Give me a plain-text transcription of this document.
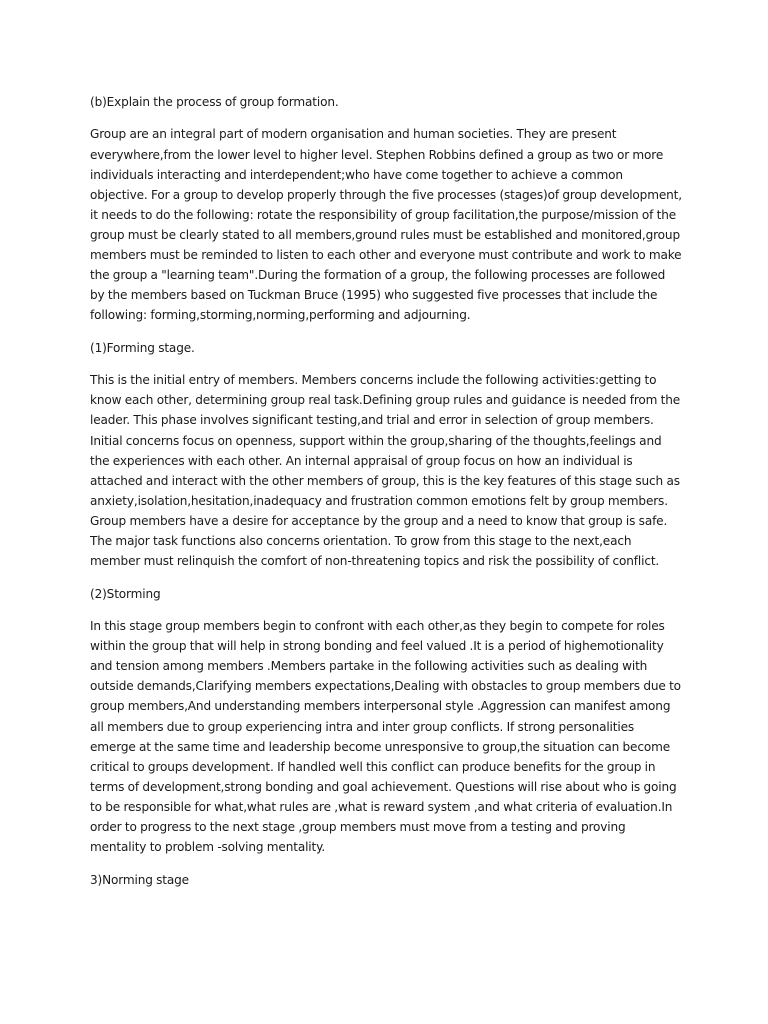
(b)Explain the process of group formation.

Group are an integral part of modern organisation and human societies. They are present everywhere,from the lower level to higher level. Stephen Robbins defined a group as two or more individuals interacting and interdependent;who have come together to achieve a common objective. For a group to develop properly through the five processes (stages)of group development, it needs to do the following: rotate the responsibility of group facilitation,the purpose/mission of the group must be clearly stated to all members,ground rules must be established and monitored,group members must be reminded to listen to each other and everyone must contribute and work to make the group a "learning team".During the formation of a group, the following processes are followed by the members based on Tuckman Bruce (1995) who suggested five processes that include the following: forming,storming,norming,performing and adjourning.

(1)Forming stage.

This is the initial entry of members. Members concerns include the following activities:getting to know each other, determining group real task.Defining group rules and guidance is needed from the leader. This phase involves significant testing,and trial and error in selection of group members. Initial concerns focus on openness, support within the group,sharing of the thoughts,feelings and the experiences with each other. An internal appraisal of group focus on how an individual is attached and interact with the other members of group, this is the key features of this stage such as anxiety,isolation,hesitation,inadequacy and frustration common emotions felt by group members. Group members have a desire for acceptance by the group and a need to know that group is safe. The major task functions also concerns orientation. To grow from this stage to the next,each member must relinquish the comfort of non-threatening topics and risk the possibility of conflict.

(2)Storming

In this stage group members begin to confront with each other,as they begin to compete for roles within the group that will help in strong bonding and feel valued .It is a period of highemotionality and tension among members .Members partake in the following activities such as dealing with outside demands,Clarifying members expectations,Dealing with obstacles to group members due to group members,And understanding members interpersonal style .Aggression can manifest among all members due to group experiencing intra and inter group conflicts. If strong personalities emerge at the same time and leadership become unresponsive to group,the situation can become critical to groups development. If handled well this conflict can produce benefits for the group in terms of development,strong bonding and goal achievement. Questions will rise about who is going to be responsible for what,what rules are ,what is reward system ,and what criteria of evaluation.In order to progress to the next stage ,group members must move from a testing and proving mentality to problem -solving mentality.

3)Norming stage
